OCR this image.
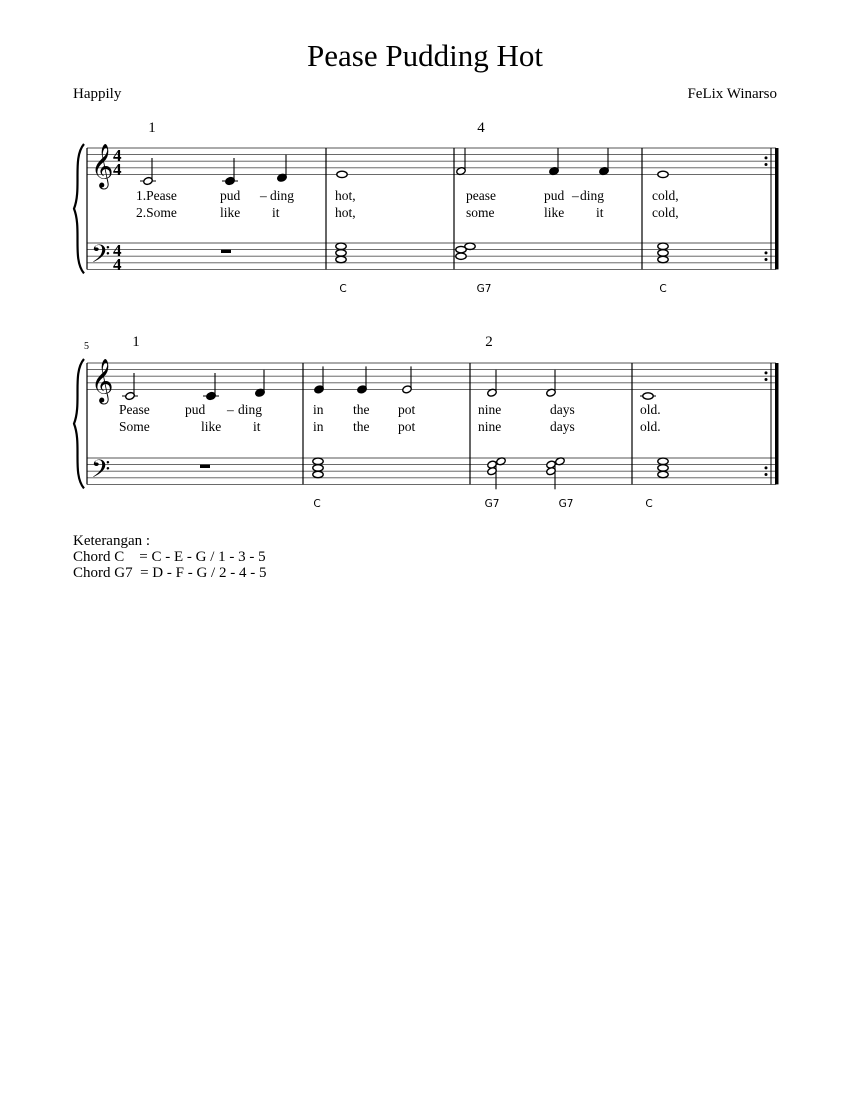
Pease Pudding Hot
Happily	FeLix Winarso
𝄞
𝄢
4
4
4
4
1	4
C	G7	C
1.Pease	pud – ding	hot,	pease	pud – ding	cold,
2.Some	like it	hot,	some	like it	cold,
𝄞
𝄢
5	1	2
C	G7	G7	C
Pease	pud – ding	in the pot	nine	days	old.
Some	like it	in the pot	nine	days	old.
Keterangan :
Chord C    = C - E - G / 1 - 3 - 5
Chord G7  = D - F - G / 2 - 4 - 5
